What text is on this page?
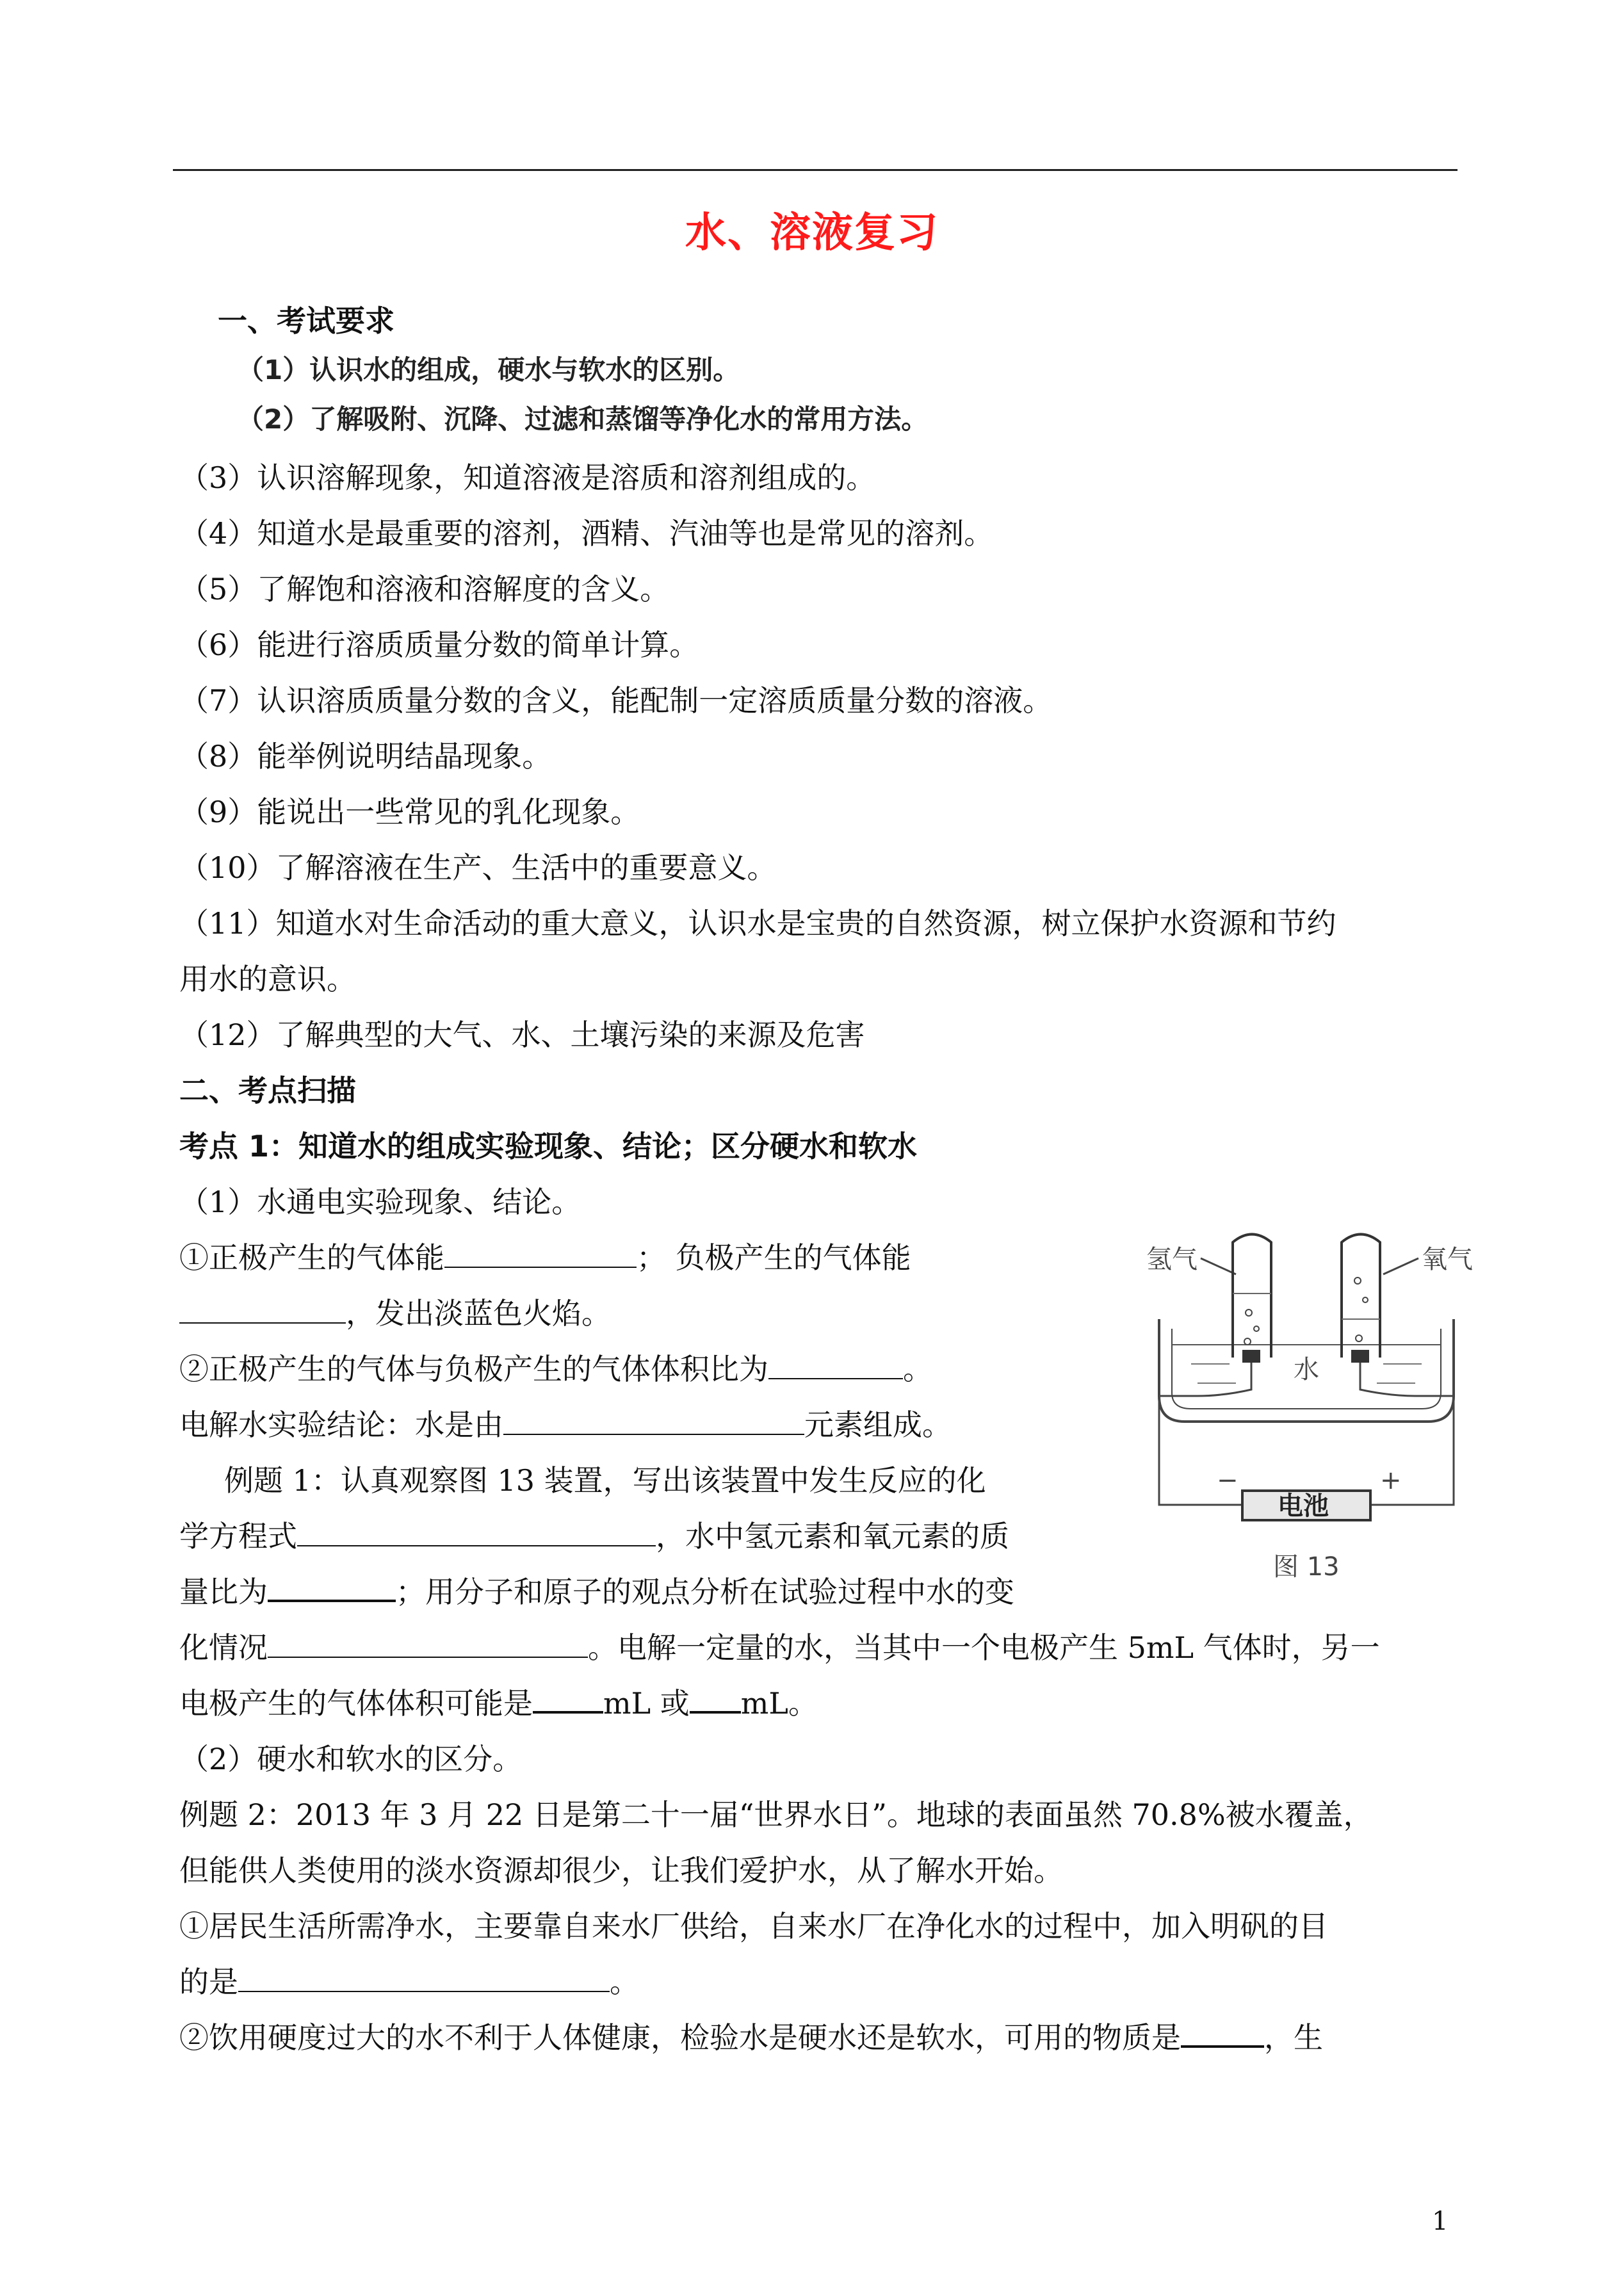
水、溶液复习
一、考试要求
（1）认识水的组成，硬水与软水的区别。
（2）了解吸附、沉降、过滤和蒸馏等净化水的常用方法。
（3）认识溶解现象，知道溶液是溶质和溶剂组成的。
（4）知道水是最重要的溶剂，酒精、汽油等也是常见的溶剂。
（5）了解饱和溶液和溶解度的含义。
（6）能进行溶质质量分数的简单计算。
（7）认识溶质质量分数的含义，能配制一定溶质质量分数的溶液。
（8）能举例说明结晶现象。
（9）能说出一些常见的乳化现象。
（10）了解溶液在生产、生活中的重要意义。
（11）知道水对生命活动的重大意义，认识水是宝贵的自然资源，树立保护水资源和节约
用水的意识。
（12）了解典型的大气、水、土壤污染的来源及危害
二、考点扫描
考点 1：知道水的组成实验现象、结论；区分硬水和软水
（1）水通电实验现象、结论。
①正极产生的气体能	； 负极产生的气体能
，发出淡蓝色火焰。
②正极产生的气体与负极产生的气体体积比为	。
电解水实验结论：水是由	元素组成。
例题 1：认真观察图 13 装置，写出该装置中发生反应的化
学方程式	，水中氢元素和氧元素的质
量比为	；用分子和原子的观点分析在试验过程中水的变
化情况	。电解一定量的水，当其中一个电极产生 5mL 气体时，另一
电极产生的气体体积可能是 mL 或 mL。
（2）硬水和软水的区分。
例题 2：2013 年 3 月 22 日是第二十一届“世界水日”。地球的表面虽然 70.8%被水覆盖，
但能供人类使用的淡水资源却很少，让我们爱护水，从了解水开始。
①居民生活所需净水，主要靠自来水厂供给，自来水厂在净化水的过程中，加入明矾的目
的是	。
②饮用硬度过大的水不利于人体健康，检验水是硬水还是软水，可用的物质是	，生
氢气	氧气
水
电池
−	+
图 13
1
